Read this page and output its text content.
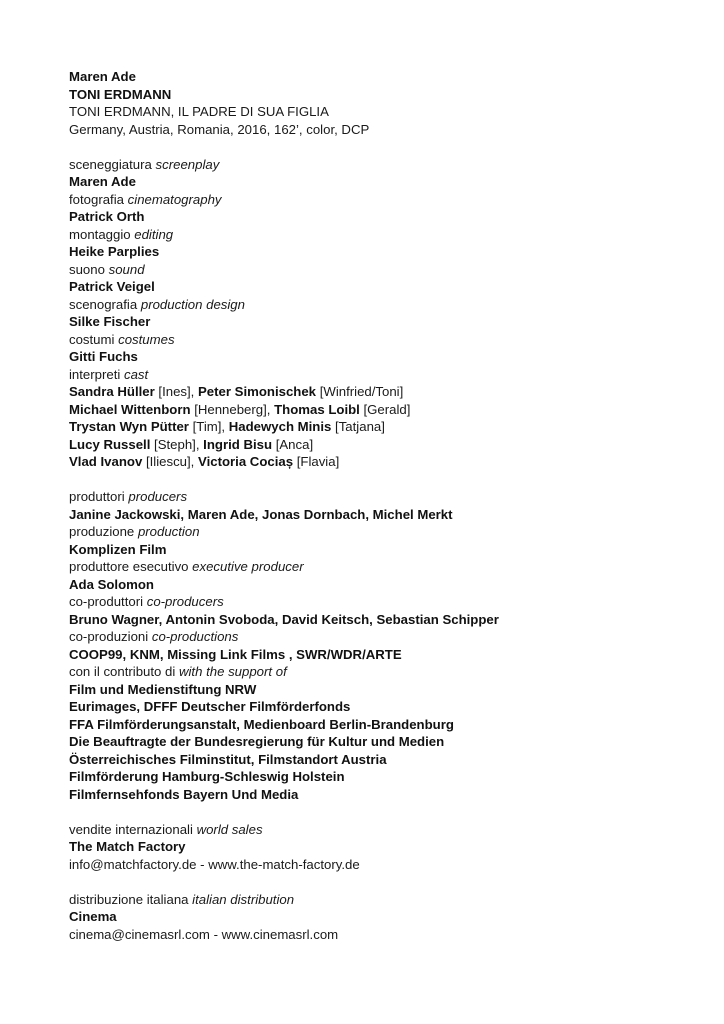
Maren Ade
TONI ERDMANN
TONI ERDMANN, IL PADRE DI SUA FIGLIA
Germany, Austria, Romania, 2016, 162’, color, DCP
sceneggiatura screenplay
Maren Ade
fotografia cinematography
Patrick Orth
montaggio editing
Heike Parplies
suono sound
Patrick Veigel
scenografia production design
Silke Fischer
costumi costumes
Gitti Fuchs
interpreti cast
Sandra Hüller [Ines], Peter Simonischek [Winfried/Toni]
Michael Wittenborn [Henneberg], Thomas Loibl [Gerald]
Trystan Wyn Pütter [Tim], Hadewych Minis [Tatjana]
Lucy Russell [Steph], Ingrid Bisu [Anca]
Vlad Ivanov [Iliescu], Victoria Cociaș [Flavia]
produttori producers
Janine Jackowski, Maren Ade, Jonas Dornbach, Michel Merkt
produzione production
Komplizen Film
produttore esecutivo executive producer
Ada Solomon
co-produttori co-producers
Bruno Wagner, Antonin Svoboda, David Keitsch, Sebastian Schipper
co-produzioni co-productions
COOP99, KNM, Missing Link Films , SWR/WDR/ARTE
con il contributo di with the support of
Film und Medienstiftung NRW
Eurimages, DFFF Deutscher Filmförderfonds
FFA Filmförderungsanstalt, Medienboard Berlin-Brandenburg
Die Beauftragte der Bundesregierung für Kultur und Medien
Österreichisches Filminstitut, Filmstandort Austria
Filmförderung Hamburg-Schleswig Holstein
Filmfernsehfonds Bayern Und Media
vendite internazionali world sales
The Match Factory
info@matchfactory.de - www.the-match-factory.de
distribuzione italiana italian distribution
Cinema
cinema@cinemasrl.com - www.cinemasrl.com
